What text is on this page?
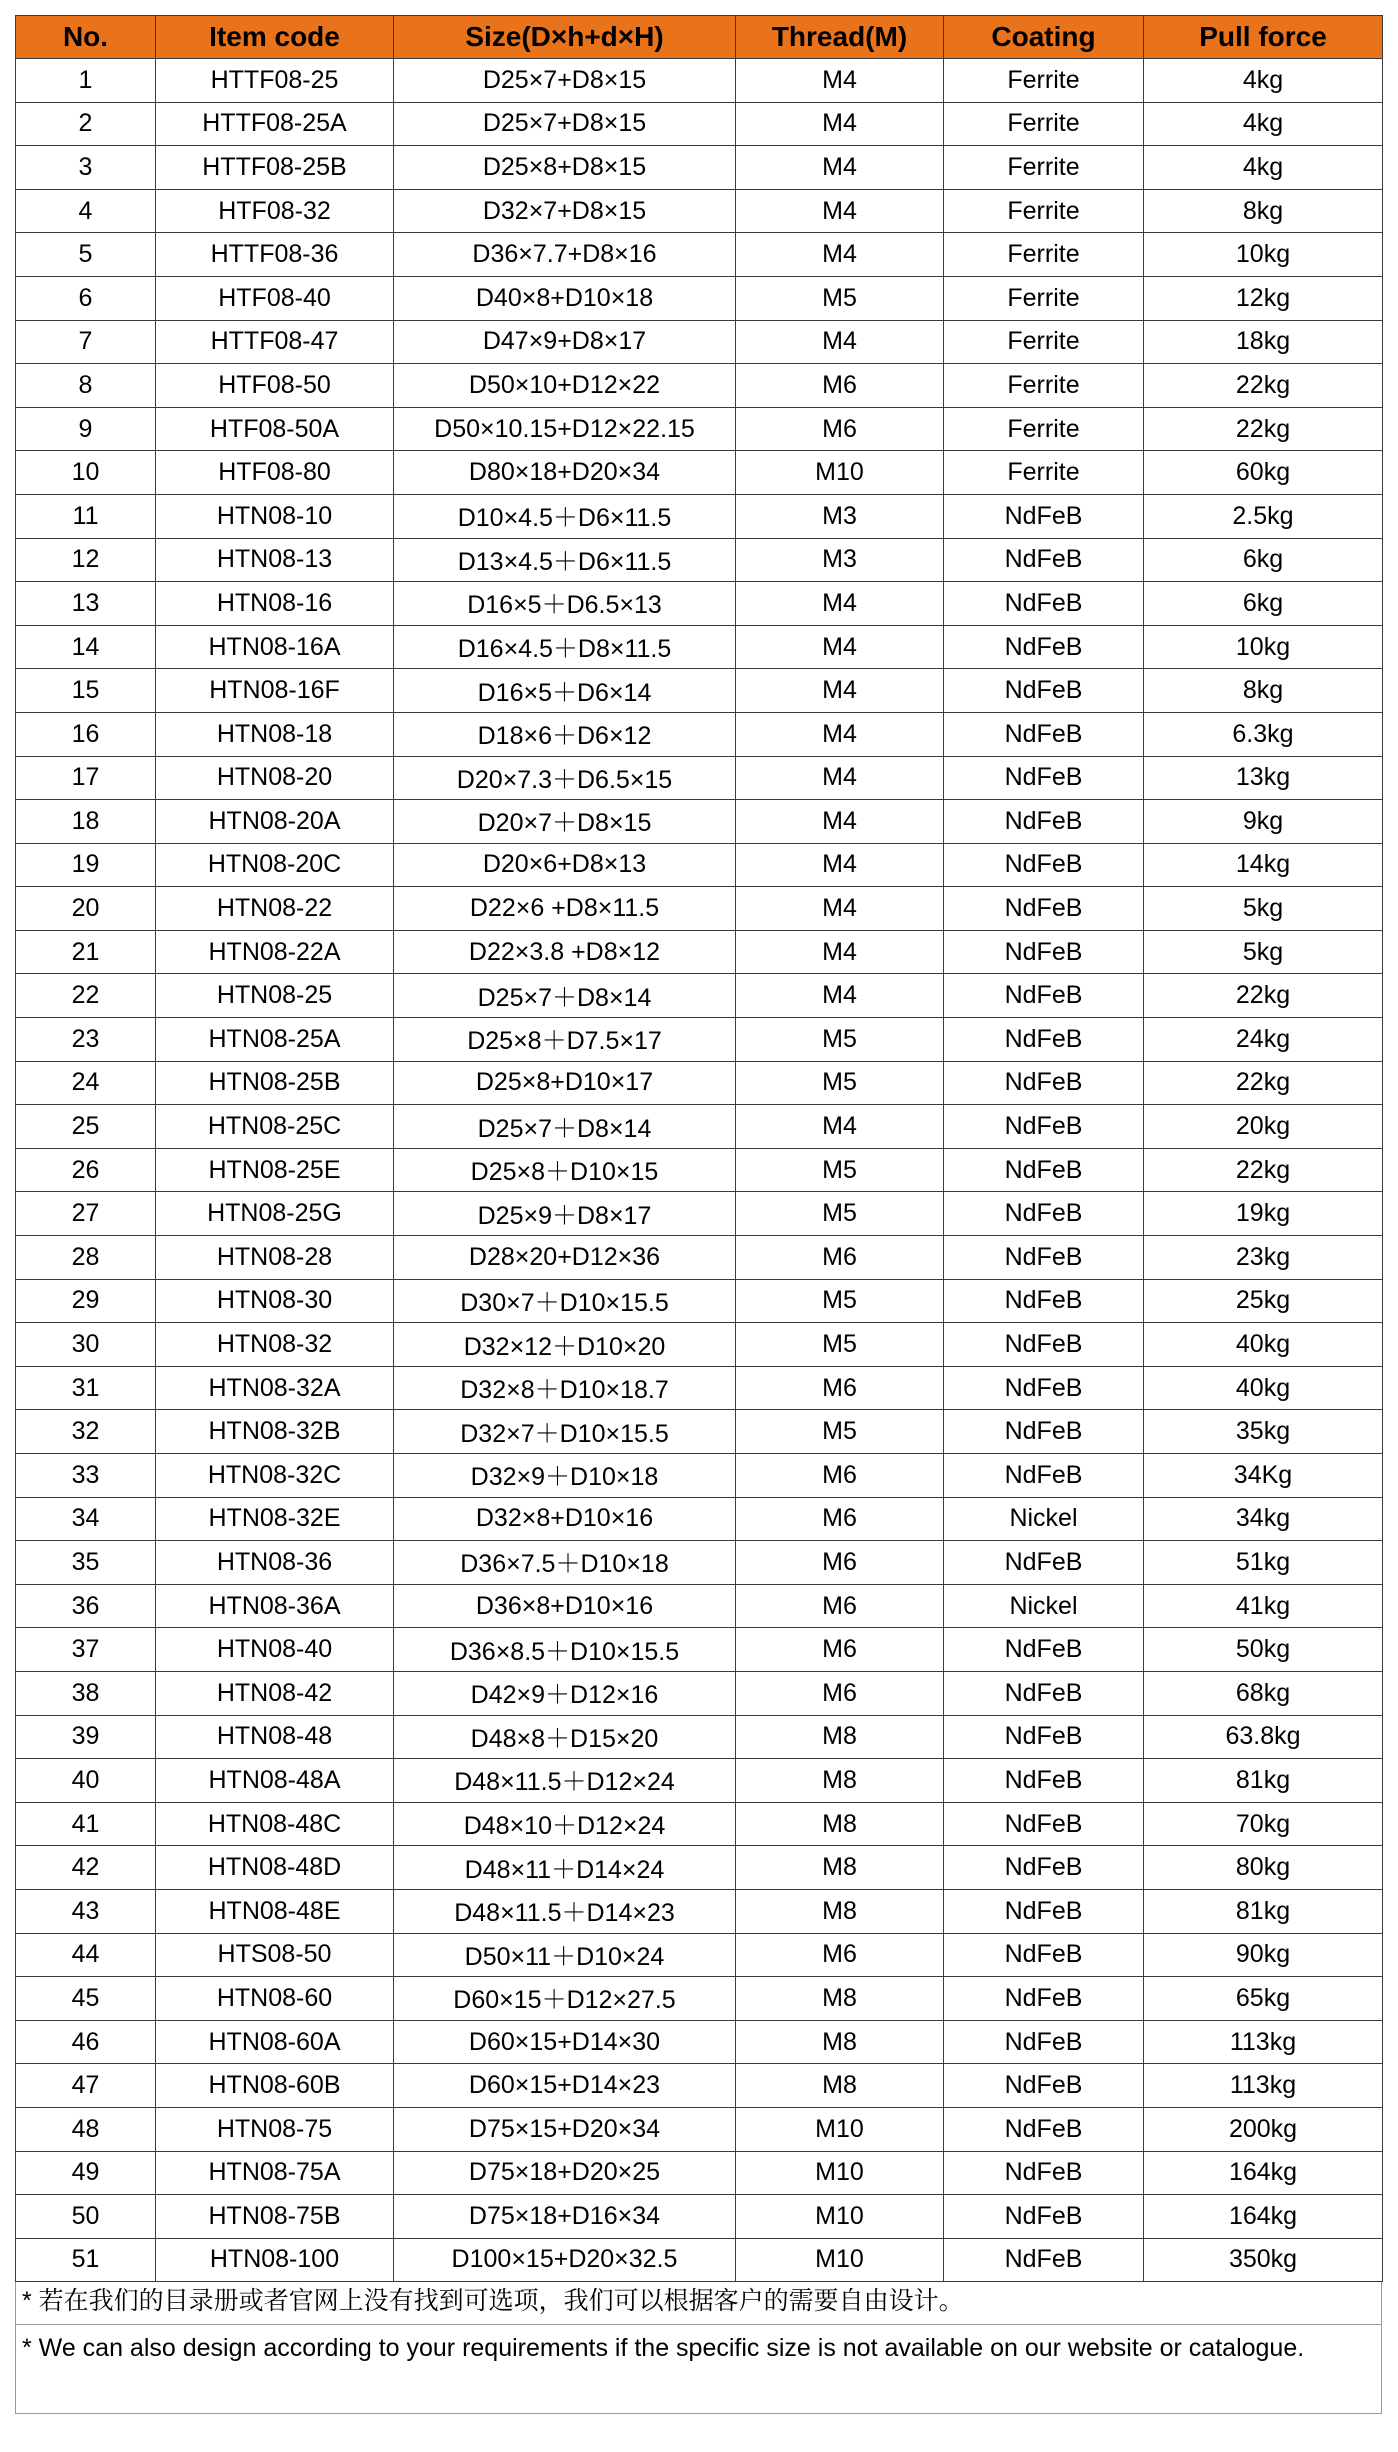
No.	Item code	Size(D×h+d×H)	Thread(M)	Coating	Pull force
1	HTTF08-25	D25×7+D8×15	M4	Ferrite	4kg
2	HTTF08-25A	D25×7+D8×15	M4	Ferrite	4kg
3	HTTF08-25B	D25×8+D8×15	M4	Ferrite	4kg
4	HTF08-32	D32×7+D8×15	M4	Ferrite	8kg
5	HTTF08-36	D36×7.7+D8×16	M4	Ferrite	10kg
6	HTF08-40	D40×8+D10×18	M5	Ferrite	12kg
7	HTTF08-47	D47×9+D8×17	M4	Ferrite	18kg
8	HTF08-50	D50×10+D12×22	M6	Ferrite	22kg
9	HTF08-50A	D50×10.15+D12×22.15	M6	Ferrite	22kg
10	HTF08-80	D80×18+D20×34	M10	Ferrite	60kg
11	HTN08-10	D10×4.5＋D6×11.5	M3	NdFeB	2.5kg
12	HTN08-13	D13×4.5＋D6×11.5	M3	NdFeB	6kg
13	HTN08-16	D16×5＋D6.5×13	M4	NdFeB	6kg
14	HTN08-16A	D16×4.5＋D8×11.5	M4	NdFeB	10kg
15	HTN08-16F	D16×5＋D6×14	M4	NdFeB	8kg
16	HTN08-18	D18×6＋D6×12	M4	NdFeB	6.3kg
17	HTN08-20	D20×7.3＋D6.5×15	M4	NdFeB	13kg
18	HTN08-20A	D20×7＋D8×15	M4	NdFeB	9kg
19	HTN08-20C	D20×6+D8×13	M4	NdFeB	14kg
20	HTN08-22	D22×6 +D8×11.5	M4	NdFeB	5kg
21	HTN08-22A	D22×3.8 +D8×12	M4	NdFeB	5kg
22	HTN08-25	D25×7＋D8×14	M4	NdFeB	22kg
23	HTN08-25A	D25×8＋D7.5×17	M5	NdFeB	24kg
24	HTN08-25B	D25×8+D10×17	M5	NdFeB	22kg
25	HTN08-25C	D25×7＋D8×14	M4	NdFeB	20kg
26	HTN08-25E	D25×8＋D10×15	M5	NdFeB	22kg
27	HTN08-25G	D25×9＋D8×17	M5	NdFeB	19kg
28	HTN08-28	D28×20+D12×36	M6	NdFeB	23kg
29	HTN08-30	D30×7＋D10×15.5	M5	NdFeB	25kg
30	HTN08-32	D32×12＋D10×20	M5	NdFeB	40kg
31	HTN08-32A	D32×8＋D10×18.7	M6	NdFeB	40kg
32	HTN08-32B	D32×7＋D10×15.5	M5	NdFeB	35kg
33	HTN08-32C	D32×9＋D10×18	M6	NdFeB	34Kg
34	HTN08-32E	D32×8+D10×16	M6	Nickel	34kg
35	HTN08-36	D36×7.5＋D10×18	M6	NdFeB	51kg
36	HTN08-36A	D36×8+D10×16	M6	Nickel	41kg
37	HTN08-40	D36×8.5＋D10×15.5	M6	NdFeB	50kg
38	HTN08-42	D42×9＋D12×16	M6	NdFeB	68kg
39	HTN08-48	D48×8＋D15×20	M8	NdFeB	63.8kg
40	HTN08-48A	D48×11.5＋D12×24	M8	NdFeB	81kg
41	HTN08-48C	D48×10＋D12×24	M8	NdFeB	70kg
42	HTN08-48D	D48×11＋D14×24	M8	NdFeB	80kg
43	HTN08-48E	D48×11.5＋D14×23	M8	NdFeB	81kg
44	HTS08-50	D50×11＋D10×24	M6	NdFeB	90kg
45	HTN08-60	D60×15＋D12×27.5	M8	NdFeB	65kg
46	HTN08-60A	D60×15+D14×30	M8	NdFeB	113kg
47	HTN08-60B	D60×15+D14×23	M8	NdFeB	113kg
48	HTN08-75	D75×15+D20×34	M10	NdFeB	200kg
49	HTN08-75A	D75×18+D20×25	M10	NdFeB	164kg
50	HTN08-75B	D75×18+D16×34	M10	NdFeB	164kg
51	HTN08-100	D100×15+D20×32.5	M10	NdFeB	350kg
* 若在我们的目录册或者官网上没有找到可选项，我们可以根据客户的需要自由设计。
* We can also design according to your requirements if the specific size is not available on our website or catalogue.
